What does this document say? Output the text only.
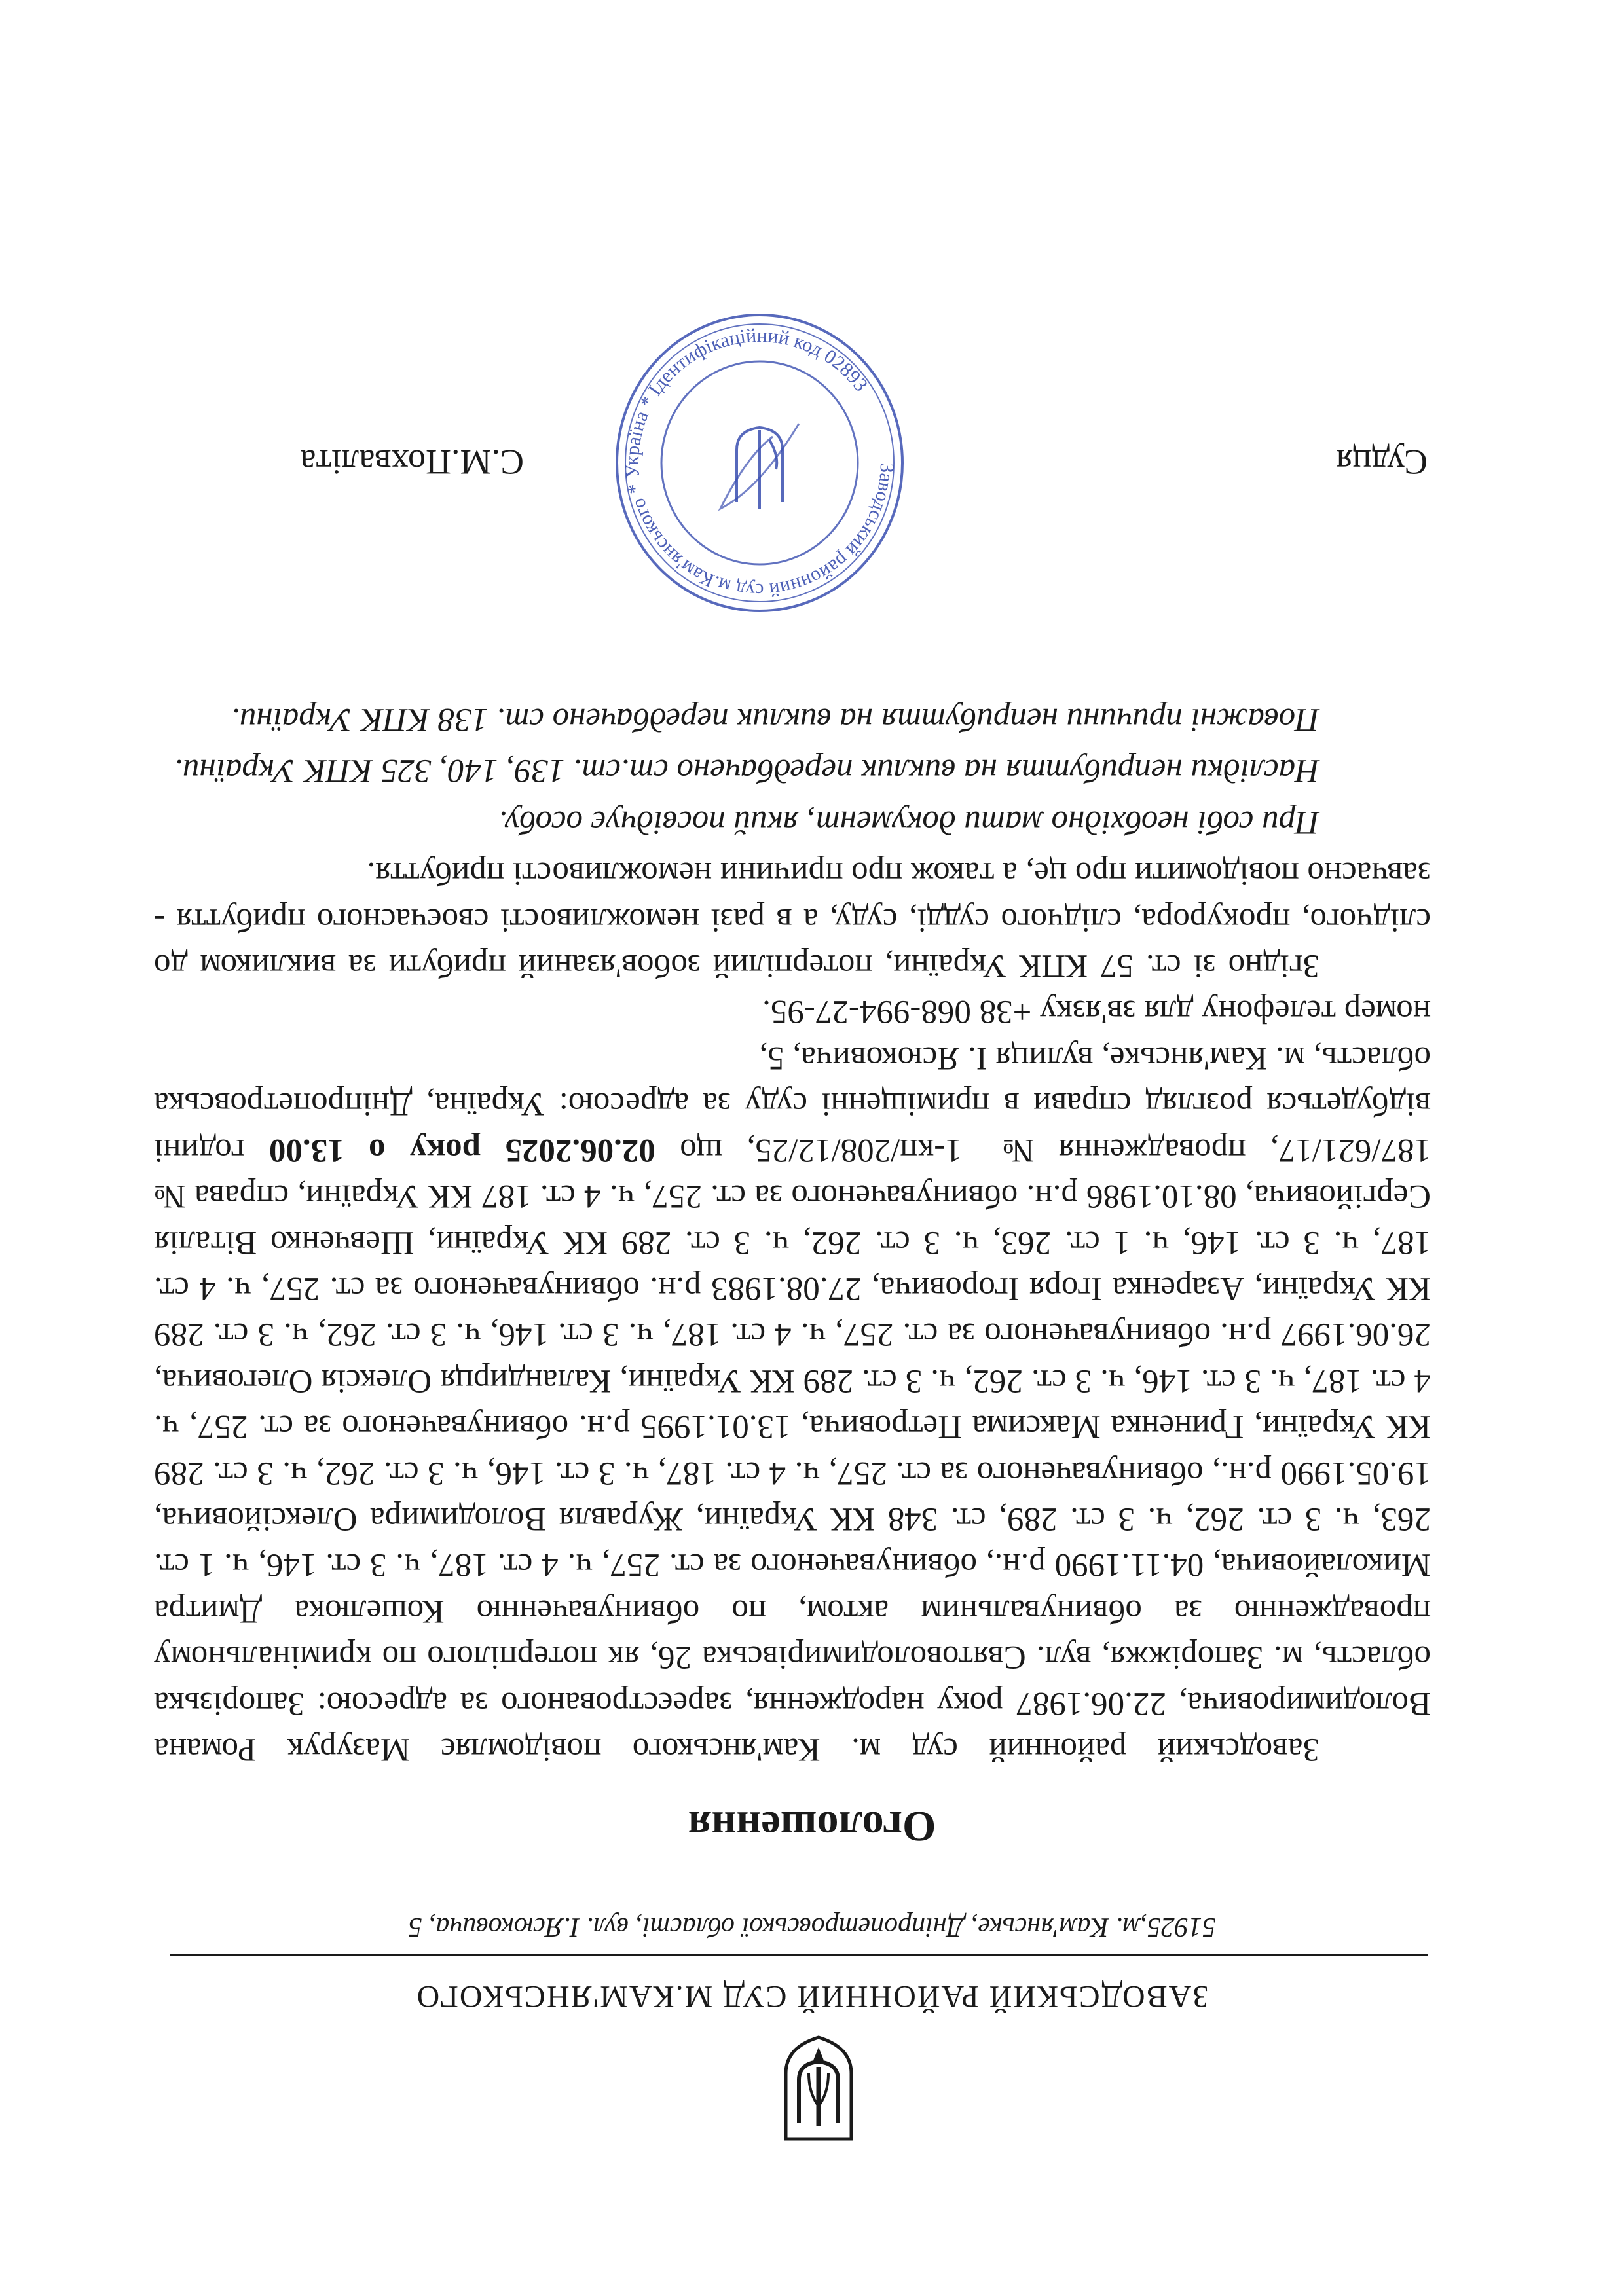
ЗАВОДСЬКИЙ РАЙОННИЙ СУД М.КАМ'ЯНСЬКОГО
51925,м. Кам'янське, Дніпропетровської області, вул. І.Ясюковича, 5
Оголошення

Заводський районний суд м. Кам'янського повідомляє Мазурук Романа Володимировича, 22.06.1987 року народження, зареєстрованого за адресою: Запорізька область, м. Запоріжжя, вул. Святоволодимирівська 26, як потерпілого по кримінальному провадженню за обвинувальним актом, по обвинуваченню Кошелюка Дмитра Миколайовича, 04.11.1990 р.н., обвинуваченого за ст. 257, ч. 4 ст. 187, ч. 3 ст. 146, ч. 1 ст. 263, ч. 3 ст. 262, ч. 3 ст. 289, ст. 348 КК України, Журавля Володимира Олексійовича, 19.05.1990 р.н., обвинуваченого за ст. 257, ч. 4 ст. 187, ч. 3 ст. 146, ч. 3 ст. 262, ч. 3 ст. 289 КК України, Гриненка Максима Петровича, 13.01.1995 р.н. обвинуваченого за ст. 257, ч. 4 ст. 187, ч. 3 ст. 146, ч. 3 ст. 262, ч. 3 ст. 289 КК України, Каландирця Олексія Олеговича, 26.06.1997 р.н. обвинуваченого за ст. 257, ч. 4 ст. 187, ч. 3 ст. 146, ч. 3 ст. 262, ч. 3 ст. 289 КК України, Азаренка Ігоря Ігоровича, 27.08.1983 р.н. обвинуваченого за ст. 257, ч. 4 ст. 187, ч. 3 ст. 146, ч. 1 ст. 263, ч. 3 ст. 262, ч. 3 ст. 289 КК України, Шевченко Віталія Сергійовича, 08.10.1986 р.н. обвинуваченого за ст. 257, ч. 4 ст. 187 КК України, справа № 187/621/17, провадження № 1-кп/208/12/25, що 02.06.2025 року о 13.00 годині відбудеться розгляд справи в приміщенні суду за адресою: Україна, Дніпропетровська область, м. Кам'янське, вулиця І. Ясюковича, 5,
номер телефону для зв'язку +38 068-994-27-95.

Згідно зі ст. 57 КПК України, потерпілий зобов'язаний прибути за викликом до слідчого, прокурора, слідчого судді, суду, а в разі неможливості своєчасного прибуття - завчасно повідомити про це, а також про причини неможливості прибуття.

При собі необхідно мати документ, який посвідчує особу.

Наслідки неприбуття на виклик передбачено ст.ст. 139, 140, 325 КПК України.

Поважні причини неприбуття на виклик передбачено ст. 138 КПК України.

Заводський районний суд м.Кам'янського * Україна * Ідентифікаційний код 02893
Судця
С.М.Похвалітa
